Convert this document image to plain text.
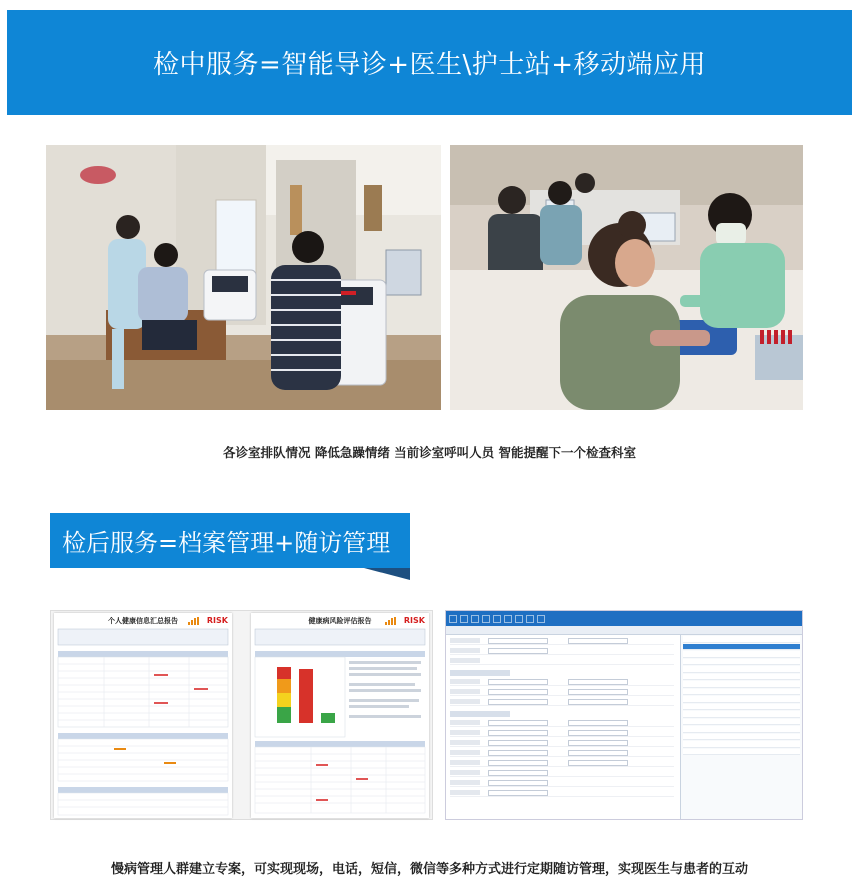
检中服务=智能导诊+医生\护士站+移动端应用
各诊室排队情况 降低急躁情绪 当前诊室呼叫人员 智能提醒下一个检查科室
检后服务=档案管理+随访管理
个人健康信息汇总报告	RISK	健康病风险评估报告	RISK
慢病管理人群建立专案，可实现现场，电话，短信，微信等多种方式进行定期随访管理，实现医生与患者的互动
